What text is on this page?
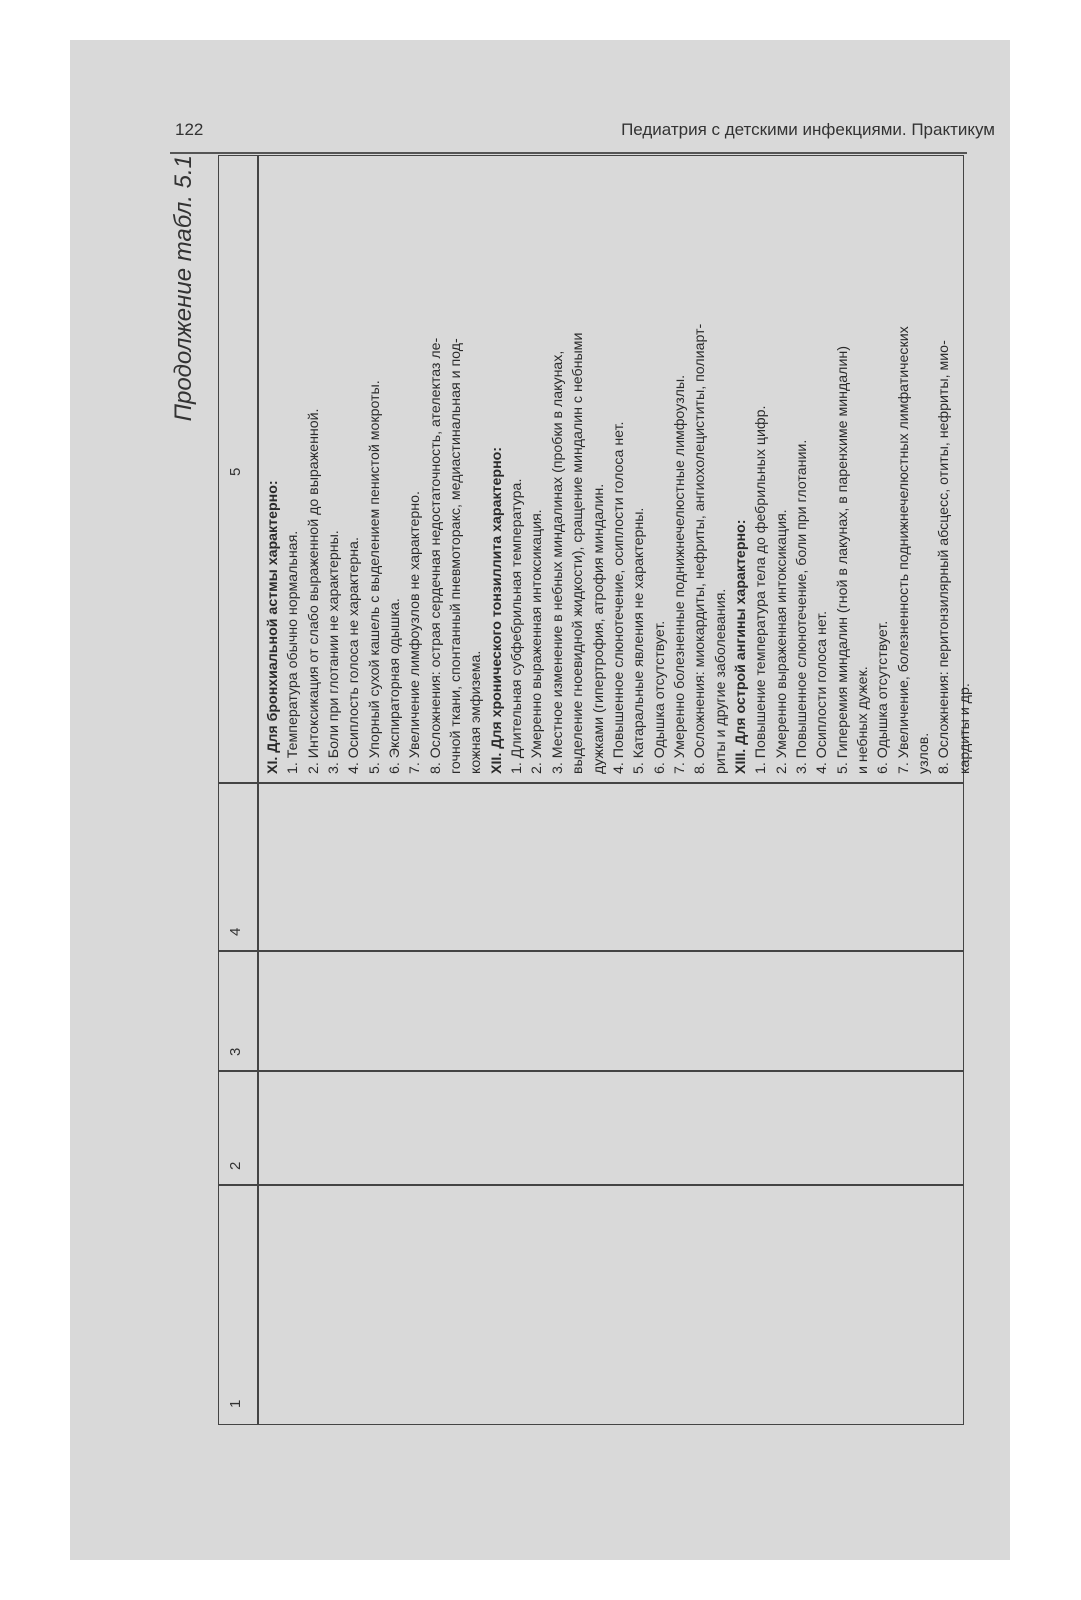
122	Педиатрия с детскими инфекциями. Практикум
Продолжение табл. 5.1
1
2
3
4
5
XI. Для бронхиальной астмы характерно: 1. Температура обычно нормальная. 2. Интоксикация от слабо выраженной до выраженной. 3. Боли при глотании не характерны. 4. Осиплость голоса не характерна. 5. Упорный сухой кашель с выделением пенистой мокроты. 6. Экспираторная одышка. 7. Увеличение лимфоузлов не характерно. 8. Осложнения: острая сердечная недостаточность, ателектаз ле- гочной ткани, спонтанный пневмоторакс, медиастинальная и под- кожная эмфизема. XII. Для хронического тонзиллита характерно: 1. Длительная субфебрильная температура. 2. Умеренно выраженная интоксикация. 3. Местное изменение в небных миндалинах (пробки в лакунах, выделение гноевидной жидкости), сращение миндалин с небными дужками (гипертрофия, атрофия миндалин. 4. Повышенное слюнотечение, осиплости голоса нет. 5. Катаральные явления не характерны. 6. Одышка отсутствует. 7. Умеренно болезненные поднижнечелюстные лимфоузлы. 8. Осложнения: миокардиты, нефриты, ангиохолециститы, полиарт- риты и другие заболевания. XIII. Для острой ангины характерно: 1. Повышение температура тела до фебрильных цифр. 2. Умеренно выраженная интоксикация. 3. Повышенное слюнотечение, боли при глотании. 4. Осиплости голоса нет. 5. Гиперемия миндалин (гной в лакунах, в паренхиме миндалин) и небных дужек. 6. Одышка отсутствует. 7. Увеличение, болезненность поднижнечелюстных лимфатических узлов. 8. Осложнения: перитонзилярный абсцесс, отиты, нефриты, мио- кардиты и др.
